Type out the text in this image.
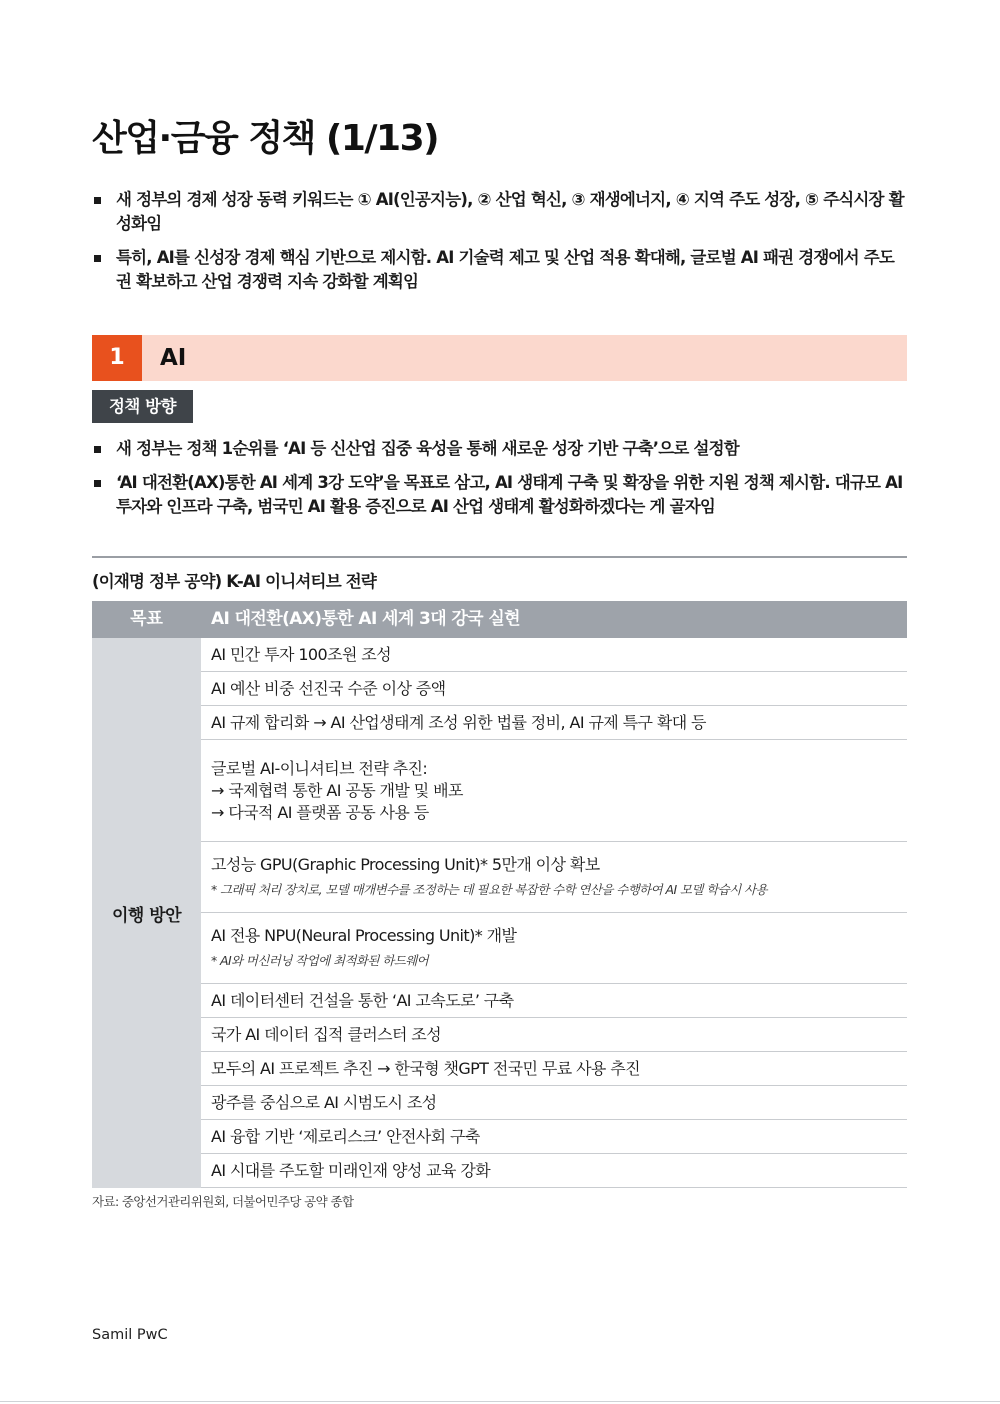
산업·금융 정책 (1/13)
새 정부의 경제 성장 동력 키워드는 ① AI(인공지능), ② 산업 혁신, ③ 재생에너지, ④ 지역 주도 성장, ⑤ 주식시장 활성화임
특히, AI를 신성장 경제 핵심 기반으로 제시함. AI 기술력 제고 및 산업 적용 확대해, 글로벌 AI 패권 경쟁에서 주도권 확보하고 산업 경쟁력 지속 강화할 계획임
1	AI
정책 방향
새 정부는 정책 1순위를 ‘AI 등 신산업 집중 육성을 통해 새로운 성장 기반 구축’으로 설정함
‘AI 대전환(AX)통한 AI 세계 3강 도약’을 목표로 삼고, AI 생태계 구축 및 확장을 위한 지원 정책 제시함. 대규모 AI 투자와 인프라 구축, 범국민 AI 활용 증진으로 AI 산업 생태계 활성화하겠다는 게 골자임
(이재명 정부 공약) K-AI 이니셔티브 전략
목표	AI 대전환(AX)통한 AI 세계 3대 강국 실현
이행 방안
AI 민간 투자 100조원 조성
AI 예산 비중 선진국 수준 이상 증액
AI 규제 합리화 → AI 산업생태계 조성 위한 법률 정비, AI 규제 특구 확대 등
글로벌 AI-이니셔티브 전략 추진:
→ 국제협력 통한 AI 공동 개발 및 배포
→ 다국적 AI 플랫폼 공동 사용 등
고성능 GPU(Graphic Processing Unit)* 5만개 이상 확보
* 그래픽 처리 장치로, 모델 매개변수를 조정하는 데 필요한 복잡한 수학 연산을 수행하여 AI 모델 학습시 사용
AI 전용 NPU(Neural Processing Unit)* 개발
* AI와 머신러닝 작업에 최적화된 하드웨어
AI 데이터센터 건설을 통한 ‘AI 고속도로’ 구축
국가 AI 데이터 집적 클러스터 조성
모두의 AI 프로젝트 추진 → 한국형 챗GPT 전국민 무료 사용 추진
광주를 중심으로 AI 시범도시 조성
AI 융합 기반 ‘제로리스크’ 안전사회 구축
AI 시대를 주도할 미래인재 양성 교육 강화
자료: 중앙선거관리위원회, 더불어민주당 공약 종합
Samil PwC
